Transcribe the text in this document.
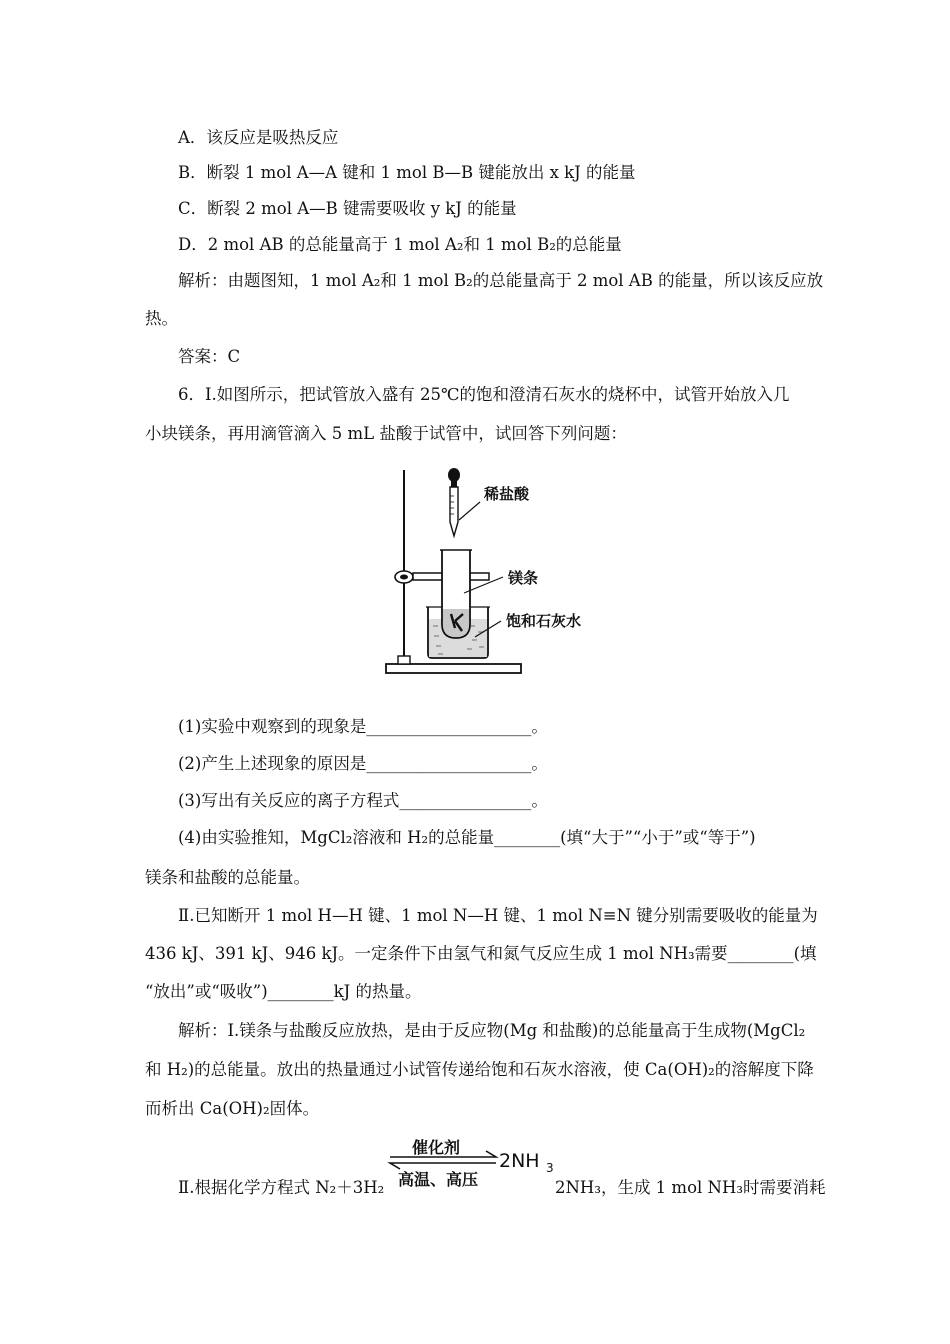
A．该反应是吸热反应
B．断裂 1 mol A—A 键和 1 mol B—B 键能放出 x kJ 的能量
C．断裂 2 mol A—B 键需要吸收 y kJ 的能量
D．2 mol AB 的总能量高于 1 mol A₂和 1 mol B₂的总能量
解析：由题图知，1 mol A₂和 1 mol B₂的总能量高于 2 mol AB 的能量，所以该反应放
热。
答案：C
6．Ⅰ.如图所示，把试管放入盛有 25℃的饱和澄清石灰水的烧杯中，试管开始放入几
小块镁条，再用滴管滴入 5 mL 盐酸于试管中，试回答下列问题：
稀盐酸
镁条
饱和石灰水
(1)实验中观察到的现象是____________________。
(2)产生上述现象的原因是____________________。
(3)写出有关反应的离子方程式________________。
(4)由实验推知，MgCl₂溶液和 H₂的总能量________(填“大于”“小于”或“等于”)
镁条和盐酸的总能量。
Ⅱ.已知断开 1 mol H—H 键、1 mol N—H 键、1 mol N≡N 键分别需要吸收的能量为
436 kJ、391 kJ、946 kJ。一定条件下由氢气和氮气反应生成 1 mol NH₃需要________(填
“放出”或“吸收”)________kJ 的热量。
解析：Ⅰ.镁条与盐酸反应放热，是由于反应物(Mg 和盐酸)的总能量高于生成物(MgCl₂
和 H₂)的总能量。放出的热量通过小试管传递给饱和石灰水溶液，使 Ca(OH)₂的溶解度下降
而析出 Ca(OH)₂固体。
催化剂
高温、高压
2NH 3
Ⅱ.根据化学方程式 N₂＋3H₂	2NH₃，生成 1 mol NH₃时需要消耗
